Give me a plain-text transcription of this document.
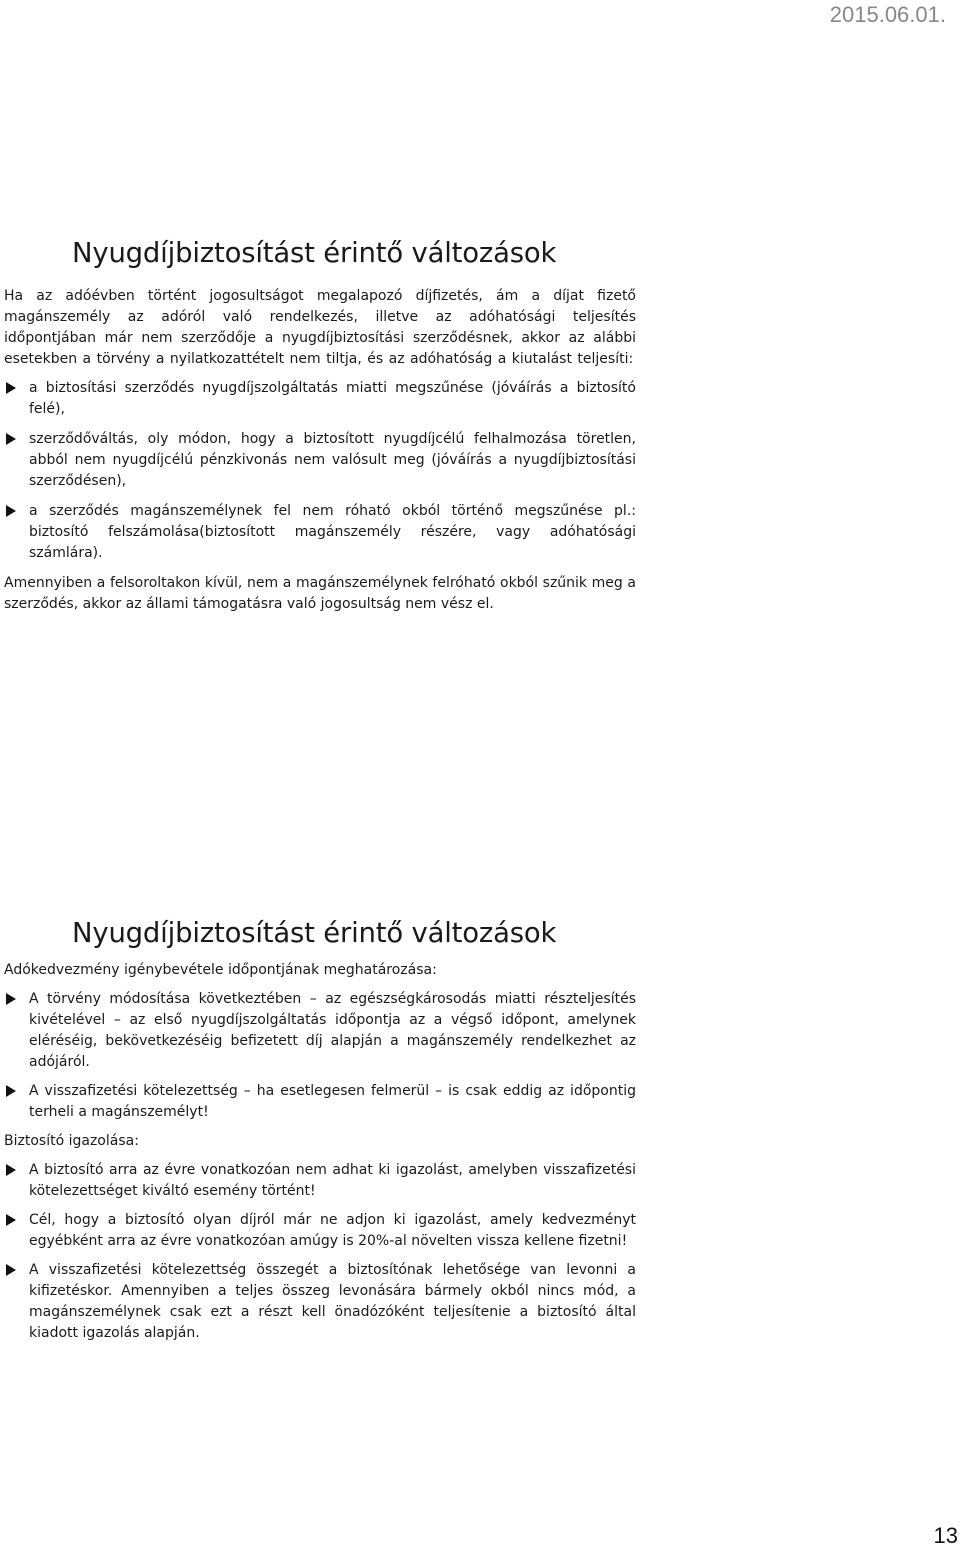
2015.06.01.
Nyugdíjbiztosítást érintő változások

Ha az adóévben történt jogosultságot megalapozó díjfizetés, ám a díjat fizető magánszemély az adóról való rendelkezés, illetve az adóhatósági teljesítés időpontjában már nem szerződője a nyugdíjbiztosítási szerződésnek, akkor az alábbi esetekben a törvény a nyilatkozattételt nem tiltja, és az adóhatóság a kiutalást teljesíti:

a biztosítási szerződés nyugdíjszolgáltatás miatti megszűnése (jóváírás a biztosító felé),
szerződőváltás, oly módon, hogy a biztosított nyugdíjcélú felhalmozása töretlen, abból nem nyugdíjcélú pénzkivonás nem valósult meg (jóváírás a nyugdíjbiztosítási szerződésen),
a szerződés magánszemélynek fel nem róható okból történő megszűnése pl.: biztosító felszámolása(biztosított magánszemély részére, vagy adóhatósági számlára).

Amennyiben a felsoroltakon kívül, nem a magánszemélynek felróható okból szűnik meg a szerződés, akkor az állami támogatásra való jogosultság nem vész el.

Nyugdíjbiztosítást érintő változások

Adókedvezmény igénybevétele időpontjának meghatározása:

A törvény módosítása következtében – az egészségkárosodás miatti részteljesítés kivételével – az első nyugdíjszolgáltatás időpontja az a végső időpont, amelynek eléréséig, bekövetkezéséig befizetett díj alapján a magánszemély rendelkezhet az adójáról.
A visszafizetési kötelezettség – ha esetlegesen felmerül – is csak eddig az időpontig terheli a magánszemélyt!

Biztosító igazolása:

A biztosító arra az évre vonatkozóan nem adhat ki igazolást, amelyben visszafizetési kötelezettséget kiváltó esemény történt!
Cél, hogy a biztosító olyan díjról már ne adjon ki igazolást, amely kedvezményt egyébként arra az évre vonatkozóan amúgy is 20%-al növelten vissza kellene fizetni!
A visszafizetési kötelezettség összegét a biztosítónak lehetősége van levonni a kifizetéskor. Amennyiben a teljes összeg levonására bármely okból nincs mód, a magánszemélynek csak ezt a részt kell önadózóként teljesítenie a biztosító által kiadott igazolás alapján.
13
